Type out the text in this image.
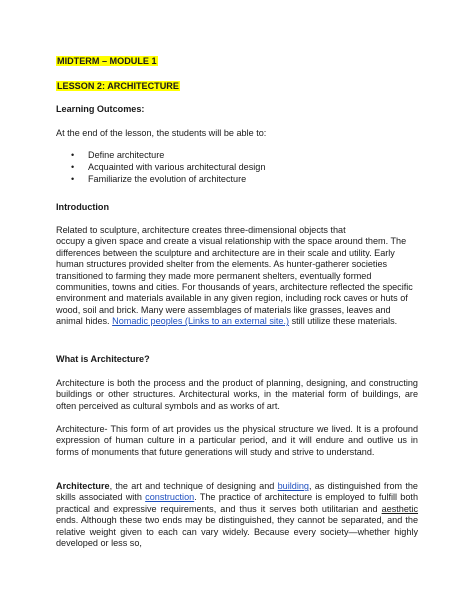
MIDTERM – MODULE 1
LESSON 2: ARCHITECTURE
Learning Outcomes:
At the end of the lesson, the students will be able to:
• Define architecture
• Acquainted with various architectural design
• Familiarize the evolution of architecture
Introduction
Related to sculpture, architecture creates three-dimensional objects that
occupy a given space and create a visual relationship with the space around them. The differences between the sculpture and architecture are in their scale and utility. Early human structures provided shelter from the elements. As hunter-gatherer societies transitioned to farming they made more permanent shelters, eventually formed communities, towns and cities. For thousands of years, architecture reflected the specific environment and materials available in any given region, including rock caves or huts of wood, soil and brick. Many were assemblages of materials like grasses, leaves and animal hides. Nomadic peoples (Links to an external site.) still utilize these materials.
What is Architecture?

Architecture is both the process and the product of planning, designing, and constructing buildings or other structures. Architectural works, in the material form of buildings, are often perceived as cultural symbols and as works of art.

Architecture- This form of art provides us the physical structure we lived. It is a profound expression of human culture in a particular period, and it will endure and outlive us in forms of monuments that future generations will study and strive to understand.

Architecture, the art and technique of designing and building, as distinguished from the skills associated with construction. The practice of architecture is employed to fulfill both practical and expressive requirements, and thus it serves both utilitarian and aesthetic ends. Although these two ends may be distinguished, they cannot be separated, and the relative weight given to each can vary widely. Because every society—whether highly developed or less so,
